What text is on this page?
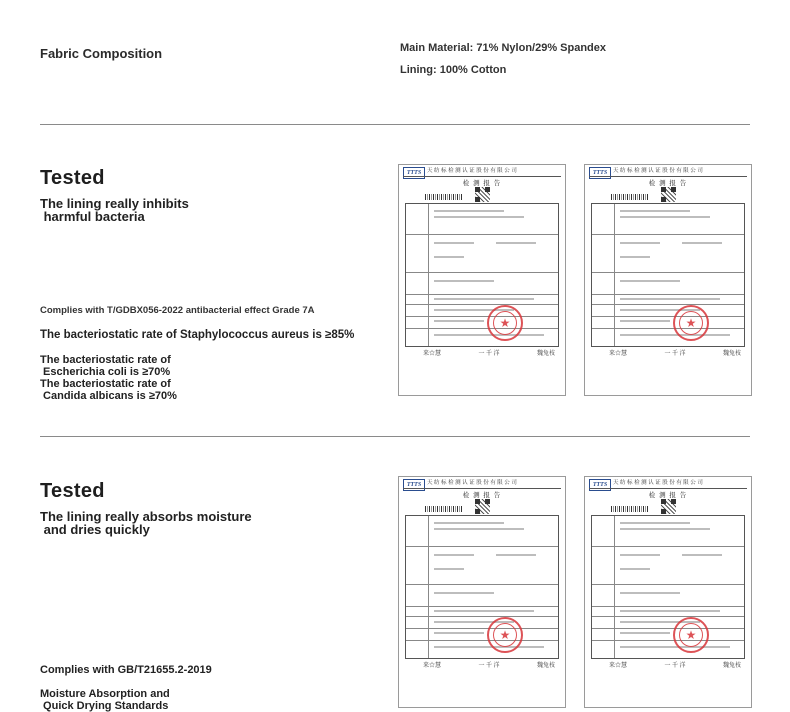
Fabric Composition	Main Material: 71% Nylon/29% Spandex
Lining: 100% Cotton
Tested
The lining really inhibits
harmful bacteria
Complies with T/GDBX056-2022 antibacterial effect Grade 7A
The bacteriostatic rate of Staphylococcus aureus is ≥85%
The bacteriostatic rate of
Escherichia coli is ≥70%
The bacteriostatic rate of
Candida albicans is ≥70%
TTTS	天 纺 标 检 测 认 证 股 份 有 限 公 司
检 测 报 告
★
来☆慧	一 千 洋	魏兔枝
TTTS	天 纺 标 检 测 认 证 股 份 有 限 公 司
检 测 报 告
★
来☆慧	一 千 洋	魏兔枝
Tested
The lining really absorbs moisture
and dries quickly
Complies with GB/T21655.2-2019
Moisture Absorption and
Quick Drying Standards
TTTS	天 纺 标 检 测 认 证 股 份 有 限 公 司
检 测 报 告
★
来☆慧	一 千 洋	魏兔枝
TTTS	天 纺 标 检 测 认 证 股 份 有 限 公 司
检 测 报 告
★
来☆慧	一 千 洋	魏兔枝
